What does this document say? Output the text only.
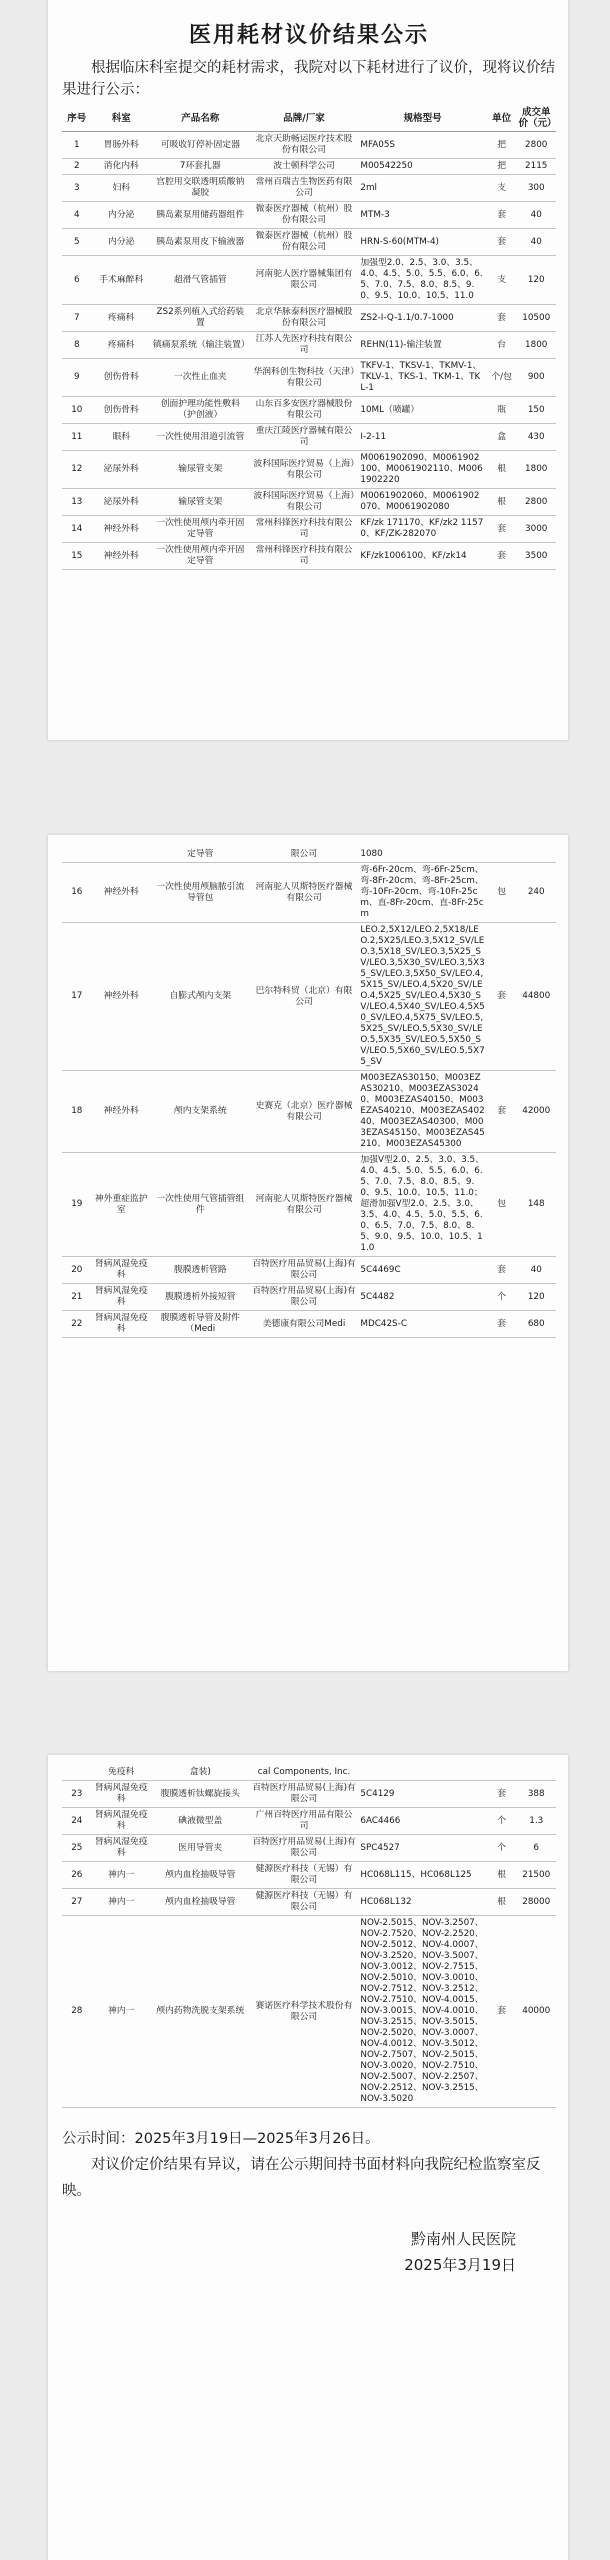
医用耗材议价结果公示
根据临床科室提交的耗材需求，我院对以下耗材进行了议价，现将议价结果进行公示：
序号	科室	产品名称	品牌/厂家	规格型号	单位	成交单价（元）
1	胃肠外科	可吸收钉停补固定器	北京天助畅运医疗技术股份有限公司	MFA05S	把	2800
2	消化内科	7环套扎器	波士顿科学公司	M00542250	把	2115
3	妇科	宫腔用交联透明质酸钠凝胶	常州百瑞吉生物医药有限公司	2ml	支	300
4	内分泌	胰岛素泵用储药器组件	微泰医疗器械（杭州）股份有限公司	MTM-3	套	40
5	内分泌	胰岛素泵用皮下输液器	微泰医疗器械（杭州）股份有限公司	HRN-S-60(MTM-4)	套	40
6	手术麻醉科	超滑气管插管	河南驼人医疗器械集团有限公司	加强型2.0、2.5、3.0、3.5、4.0、4.5、5.0、5.5、6.0、6.5、7.0、7.5、8.0、8.5、9.0、9.5、10.0、10.5、11.0	支	120
7	疼痛科	ZS2系列植入式给药装置	北京华脉泰科医疗器械股份有限公司	ZS2-I-Q-1.1/0.7-1000	套	10500
8	疼痛科	镇痛泵系统（输注装置）	江苏人先医疗科技有限公司	REHN(11)-输注装置	台	1800
9	创伤骨科	一次性止血夹	华润科创生物科技（天津）有限公司	TKFV-1、TKSV-1、TKMV-1、TKLV-1、TKS-1、TKM-1、TKL-1	个/包	900
10	创伤骨科	创面护理功能性敷料（护创液）	山东百多安医疗器械股份有限公司	10ML（喷罐）	瓶	150
11	眼科	一次性使用泪道引流管	重庆江陵医疗器械有限公司	I-2-11	盒	430
12	泌尿外科	输尿管支架	波科国际医疗贸易（上海）有限公司	M0061902090、M0061902100、M0061902110、M0061902220	根	1800
13	泌尿外科	输尿管支架	波科国际医疗贸易（上海）有限公司	M0061902060、M0061902070、M0061902080	根	2800
14	神经外科	一次性使用颅内牵开固定导管	常州科锋医疗科技有限公司	KF/zk 171170、KF/zk2 11570、KF/ZK-282070	套	3000
15	神经外科	一次性使用颅内牵开固定导管	常州科锋医疗科技有限公司	KF/zk1006100、KF/zk14	套	3500
		定导管	限公司	1080		
16	神经外科	一次性使用颅脑脓引流导管包	河南驼人贝斯特医疗器械有限公司	弯-6Fr-20cm、弯-6Fr-25cm、弯-8Fr-20cm、弯-8Fr-25cm、弯-10Fr-20cm、弯-10Fr-25cm、直-8Fr-20cm、直-8Fr-25cm	包	240
17	神经外科	自膨式颅内支架	巴尔特科贸（北京）有限公司	LEO.2,5X12/LEO.2,5X18/LEO.2,5X25/LEO.3,5X12_SV/LEO.3,5X18_SV/LEO.3,5X25_SV/LEO.3,5X30_SV/LEO.3,5X35_SV/LEO.3,5X50_SV/LEO.4,5X15_SV/LEO.4,5X20_SV/LEO.4,5X25_SV/LEO.4,5X30_SV/LEO.4,5X40_SV/LEO.4,5X50_SV/LEO.4,5X75_SV/LEO.5,5X25_SV/LEO.5,5X30_SV/LEO.5,5X35_SV/LEO.5,5X50_SV/LEO.5,5X60_SV/LEO.5,5X75_SV	套	44800
18	神经外科	颅内支架系统	史赛克（北京）医疗器械有限公司	M003EZAS30150、M003EZAS30210、M003EZAS30240、M003EZAS40150、M003EZAS40210、M003EZAS40240、M003EZAS40300、M003EZAS45150、M003EZAS45210、M003EZAS45300	套	42000
19	神外重症监护室	一次性使用气管插管组件	河南驼人贝斯特医疗器械有限公司	加强V型2.0、2.5、3.0、3.5、4.0、4.5、5.0、5.5、6.0、6.5、7.0、7.5、8.0、8.5、9.0、9.5、10.0、10.5、11.0；超滑加强V型2.0、2.5、3.0、3.5、4.0、4.5、5.0、5.5、6.0、6.5、7.0、7.5、8.0、8.5、9.0、9.5、10.0、10.5、11.0	包	148
20	肾病风湿免疫科	腹膜透析管路	百特医疗用品贸易(上海)有限公司	5C4469C	套	40
21	肾病风湿免疫科	腹膜透析外接短管	百特医疗用品贸易(上海)有限公司	5C4482	个	120
22	肾病风湿免疫科	腹膜透析导管及附件（Medi	美德康有限公司Medi	MDC42S-C	套	680
	免疫科	盒装)	cal Components, Inc.			
23	肾病风湿免疫科	腹膜透析钛螺旋接头	百特医疗用品贸易(上海)有限公司	5C4129	套	388
24	肾病风湿免疫科	碘液微型盖	广州百特医疗用品有限公司	6AC4466	个	1.3
25	肾病风湿免疫科	医用导管夹	百特医疗用品贸易(上海)有限公司	SPC4527	个	6
26	神内一	颅内血栓抽吸导管	健源医疗科技（无锡）有限公司	HC068L115、HC068L125	根	21500
27	神内一	颅内血栓抽吸导管	健源医疗科技（无锡）有限公司	HC068L132	根	28000
28	神内一	颅内药物洗脱支架系统	赛诺医疗科学技术股份有限公司	NOV-2.5015、NOV-3.2507、NOV-2.7520、NOV-2.2520、NOV-2.5012、NOV-4.0007、NOV-3.2520、NOV-3.5007、NOV-3.0012、NOV-2.7515、NOV-2.5010、NOV-3.0010、NOV-2.7512、NOV-3.2512、NOV-2.7510、NOV-4.0015、NOV-3.0015、NOV-4.0010、NOV-3.2515、NOV-3.5015、NOV-2.5020、NOV-3.0007、NOV-4.0012、NOV-3.5012、NOV-2.7507、NOV-2.5015、NOV-3.0020、NOV-2.7510、NOV-2.5007、NOV-2.2507、NOV-2.2512、NOV-3.2515、NOV-3.5020	套	40000
公示时间：2025年3月19日—2025年3月26日。
对议价定价结果有异议，请在公示期间持书面材料向我院纪检监察室反映。
黔南州人民医院
2025年3月19日
